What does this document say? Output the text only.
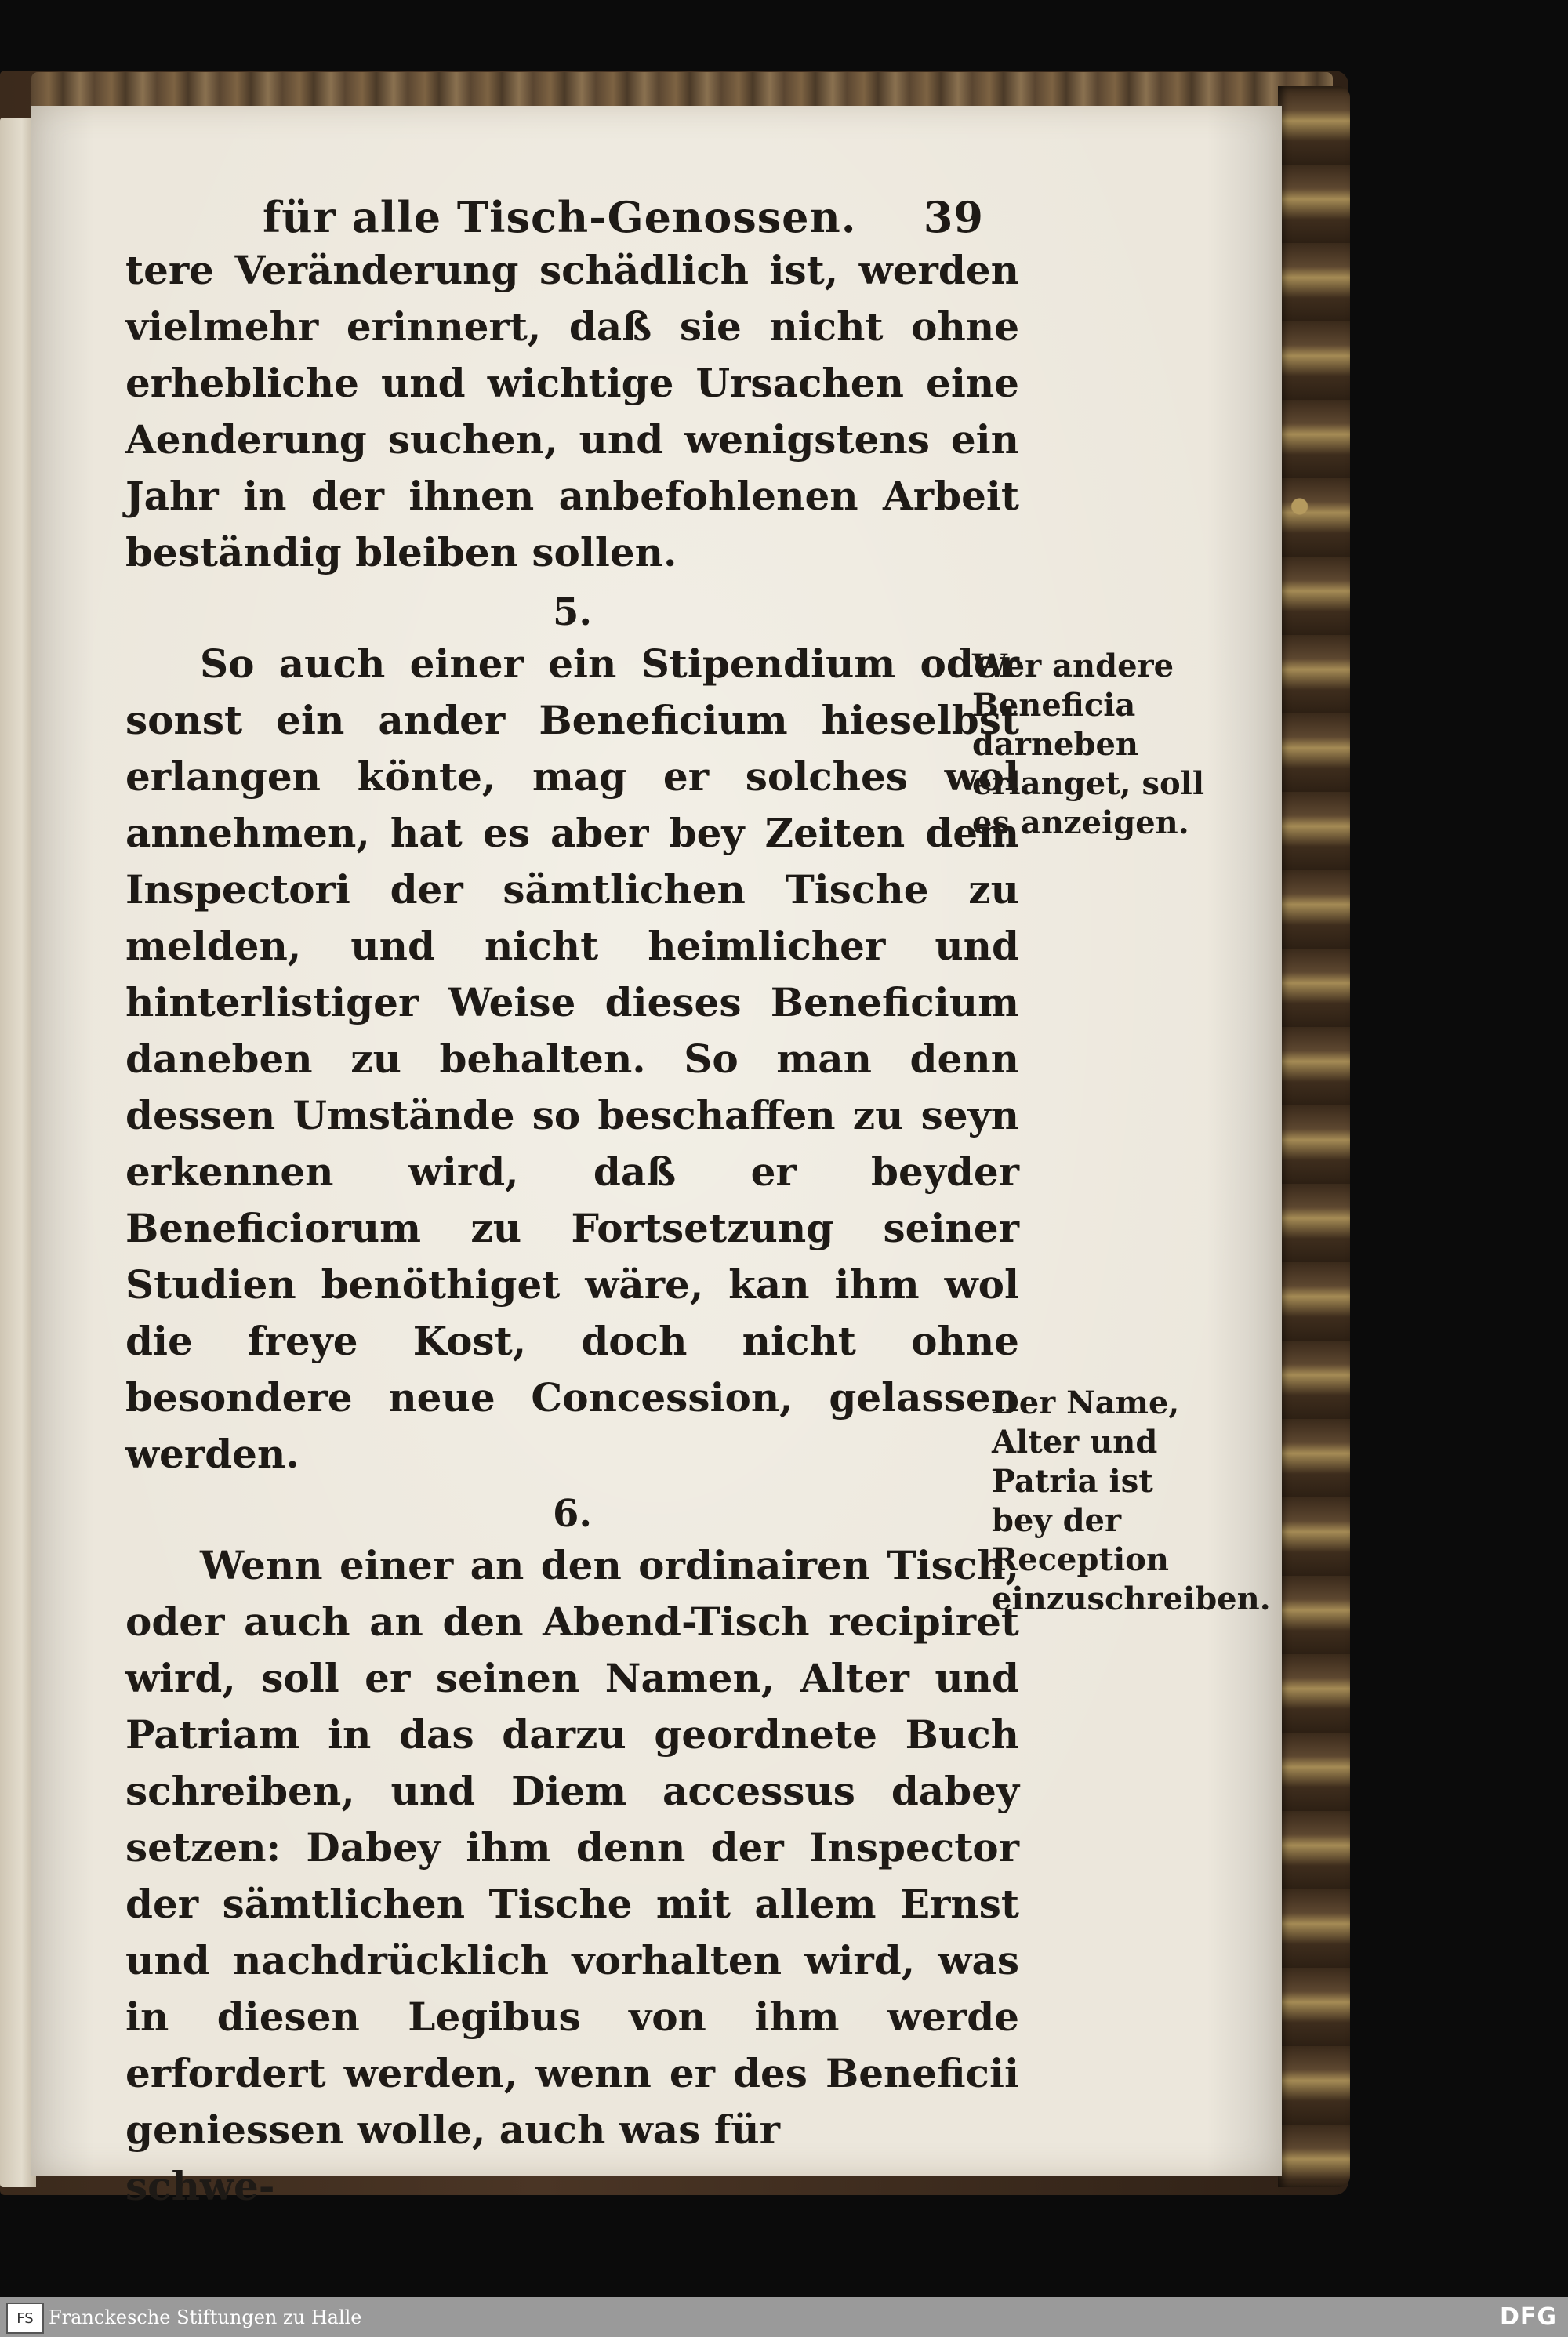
für alle Tisch-Genossen. 39

tere Veränderung schädlich ist, werden vielmehr erinnert, daß sie nicht ohne erhebliche und wichtige Ursachen eine Aenderung suchen, und wenigstens ein Jahr in der ihnen anbefohlenen Arbeit beständig bleiben sollen.

5.

So auch einer ein Stipendium oder sonst ein ander Beneficium hieselbst erlangen könte, mag er solches wol annehmen, hat es aber bey Zeiten dem Inspectori der sämtlichen Tische zu melden, und nicht heimlicher und hinterlistiger Weise dieses Beneficium daneben zu behalten. So man denn dessen Umstände so beschaffen zu seyn erkennen wird, daß er beyder Beneficiorum zu Fortsetzung seiner Studien benöthiget wäre, kan ihm wol die freye Kost, doch nicht ohne besondere neue Concession, gelassen werden.

6.

Wenn einer an den ordinairen Tisch, oder auch an den Abend-Tisch recipiret wird, soll er seinen Namen, Alter und Patriam in das darzu geordnete Buch schreiben, und Diem accessus dabey setzen: Dabey ihm denn der Inspector der sämtlichen Tische mit allem Ernst und nachdrücklich vorhalten wird, was in diesen Legibus von ihm werde erfordert werden, wenn er des Beneficii geniessen wolle, auch was für

schwe-
Wer andere Beneficia darneben erlanget, soll es anzeigen.
Der Name, Alter und Patria ist bey der Reception einzuschreiben.
FS Franckesche Stiftungen zu Halle	DFG
